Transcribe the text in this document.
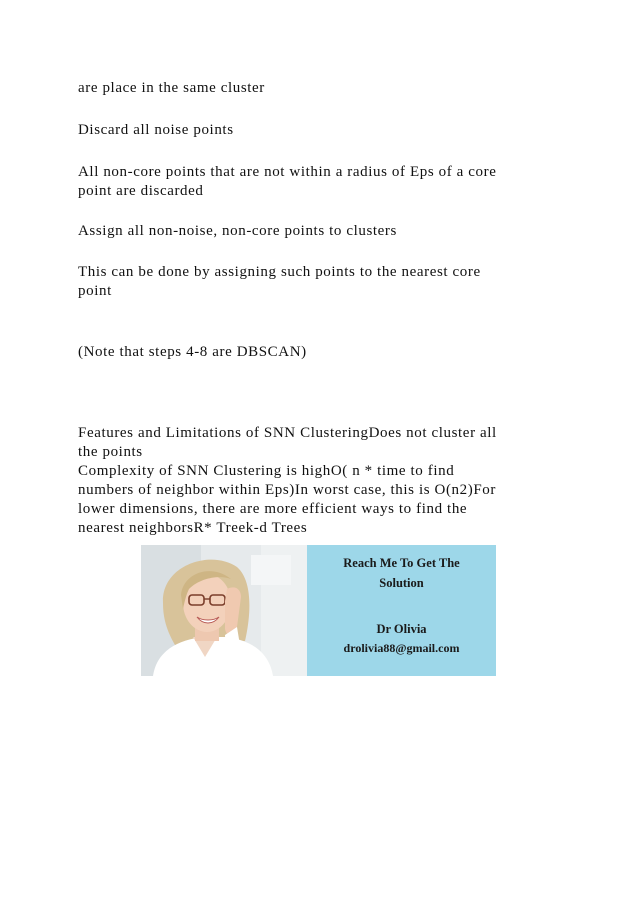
are place in the same cluster

Discard all noise points

All non-core points that are not within a radius of Eps of a core
point are discarded

Assign all non-noise, non-core points to clusters

This can be done by assigning such points to the nearest core
point

(Note that steps 4-8 are DBSCAN)

Features and Limitations of SNN ClusteringDoes not cluster all
the points
Complexity of SNN Clustering is highO( n * time to find
numbers of neighbor within Eps)In worst case, this is O(n2)For
lower dimensions, there are more efficient ways to find the
nearest neighborsR* Treek-d Trees

Reach Me To Get The
Solution
Dr Olivia
drolivia88@gmail.com
